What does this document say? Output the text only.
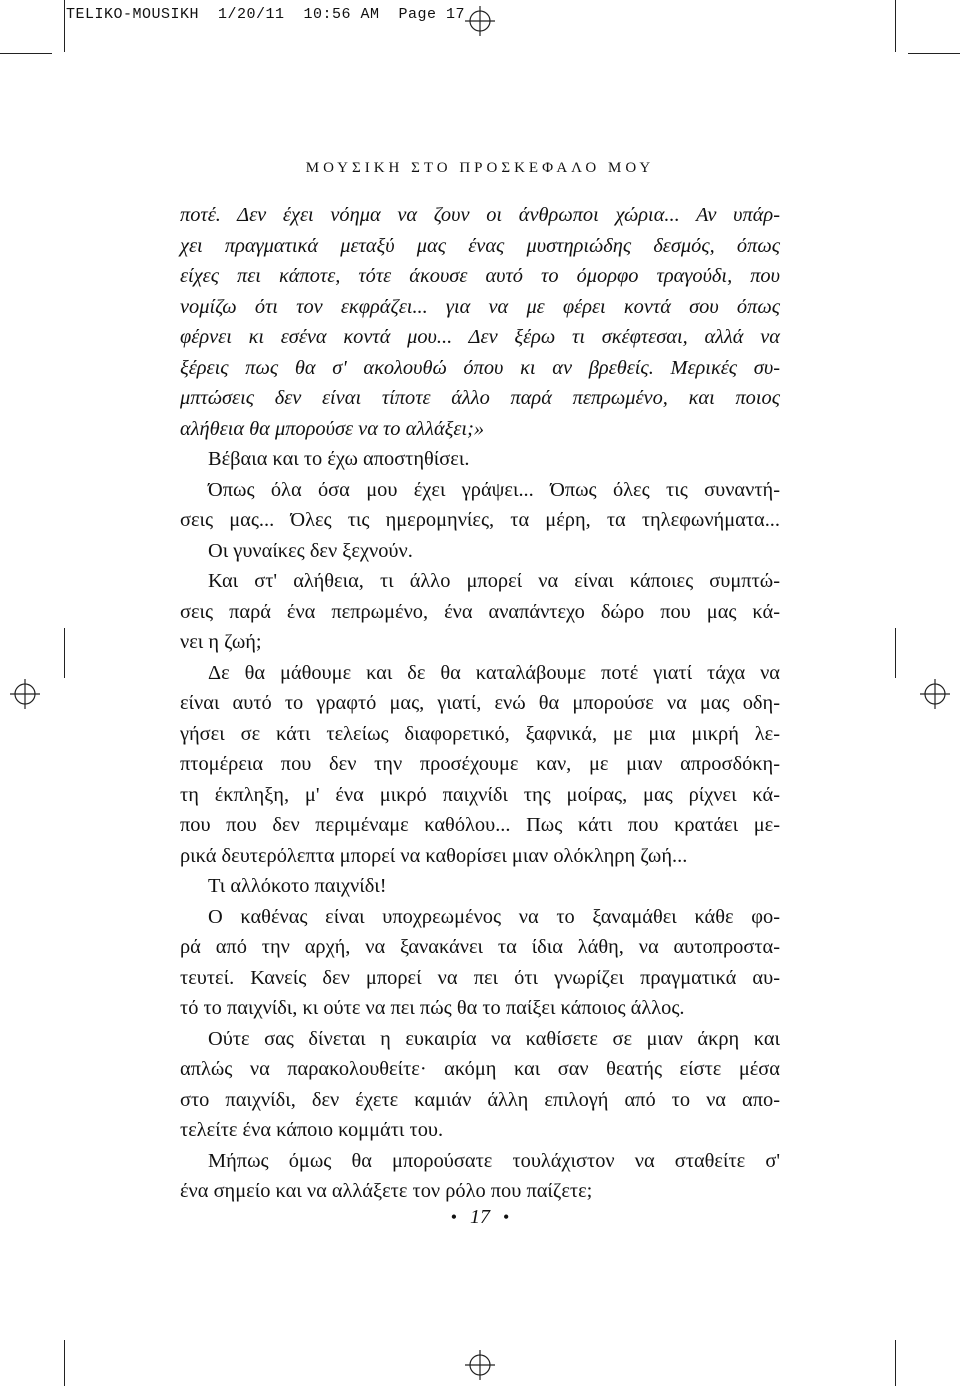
TELIKO-MOUSIKH  1/20/11  10:56 AM  Page 17
ΜΟΥΣΙΚΗ ΣΤΟ ΠΡΟΣΚΕΦΑΛΟ ΜΟΥ

ποτέ. Δεν έχει νόημα να ζουν οι άνθρωποι χώρια... Αν υπάρ-
χει πραγματικά μεταξύ μας ένας μυστηριώδης δεσμός, όπως
είχες πει κάποτε, τότε άκουσε αυτό το όμορφο τραγούδι, που
νομίζω ότι τον εκφράζει... για να με φέρει κοντά σου όπως
φέρνει κι εσένα κοντά μου... Δεν ξέρω τι σκέφτεσαι, αλλά να
ξέρεις πως θα σ' ακολουθώ όπου κι αν βρεθείς. Μερικές συ-
μπτώσεις δεν είναι τίποτε άλλο παρά πεπρωμένο, και ποιος
αλήθεια θα μπορούσε να το αλλάξει;»

Βέβαια και το έχω αποστηθίσει.

Όπως όλα όσα μου έχει γράψει... Όπως όλες τις συναντή-
σεις μας... Όλες τις ημερομηνίες, τα μέρη, τα τηλεφωνήματα...
Οι γυναίκες δεν ξεχνούν.

Και στ' αλήθεια, τι άλλο μπορεί να είναι κάποιες συμπτώ-
σεις παρά ένα πεπρωμένο, ένα αναπάντεχο δώρο που μας κά-
νει η ζωή;

Δε θα μάθουμε και δε θα καταλάβουμε ποτέ γιατί τάχα να
είναι αυτό το γραφτό μας, γιατί, ενώ θα μπορούσε να μας οδη-
γήσει σε κάτι τελείως διαφορετικό, ξαφνικά, με μια μικρή λε-
πτομέρεια που δεν την προσέχουμε καν, με μιαν απροσδόκη-
τη έκπληξη, μ' ένα μικρό παιχνίδι της μοίρας, μας ρίχνει κά-
που που δεν περιμέναμε καθόλου... Πως κάτι που κρατάει με-
ρικά δευτερόλεπτα μπορεί να καθορίσει μιαν ολόκληρη ζωή...

Τι αλλόκοτο παιχνίδι!

Ο καθένας είναι υποχρεωμένος να το ξαναμάθει κάθε φο-
ρά από την αρχή, να ξανακάνει τα ίδια λάθη, να αυτοπροστα-
τευτεί. Κανείς δεν μπορεί να πει ότι γνωρίζει πραγματικά αυ-
τό το παιχνίδι, κι ούτε να πει πώς θα το παίξει κάποιος άλλος.

Ούτε σας δίνεται η ευκαιρία να καθίσετε σε μιαν άκρη και
απλώς να παρακολουθείτε· ακόμη και σαν θεατής είστε μέσα
στο παιχνίδι, δεν έχετε καμιάν άλλη επιλογή από το να απο-
τελείτε ένα κάποιο κομμάτι του.

Μήπως όμως θα μπορούσατε τουλάχιστον να σταθείτε σ'
ένα σημείο και να αλλάξετε τον ρόλο που παίζετε;

• 17 •
